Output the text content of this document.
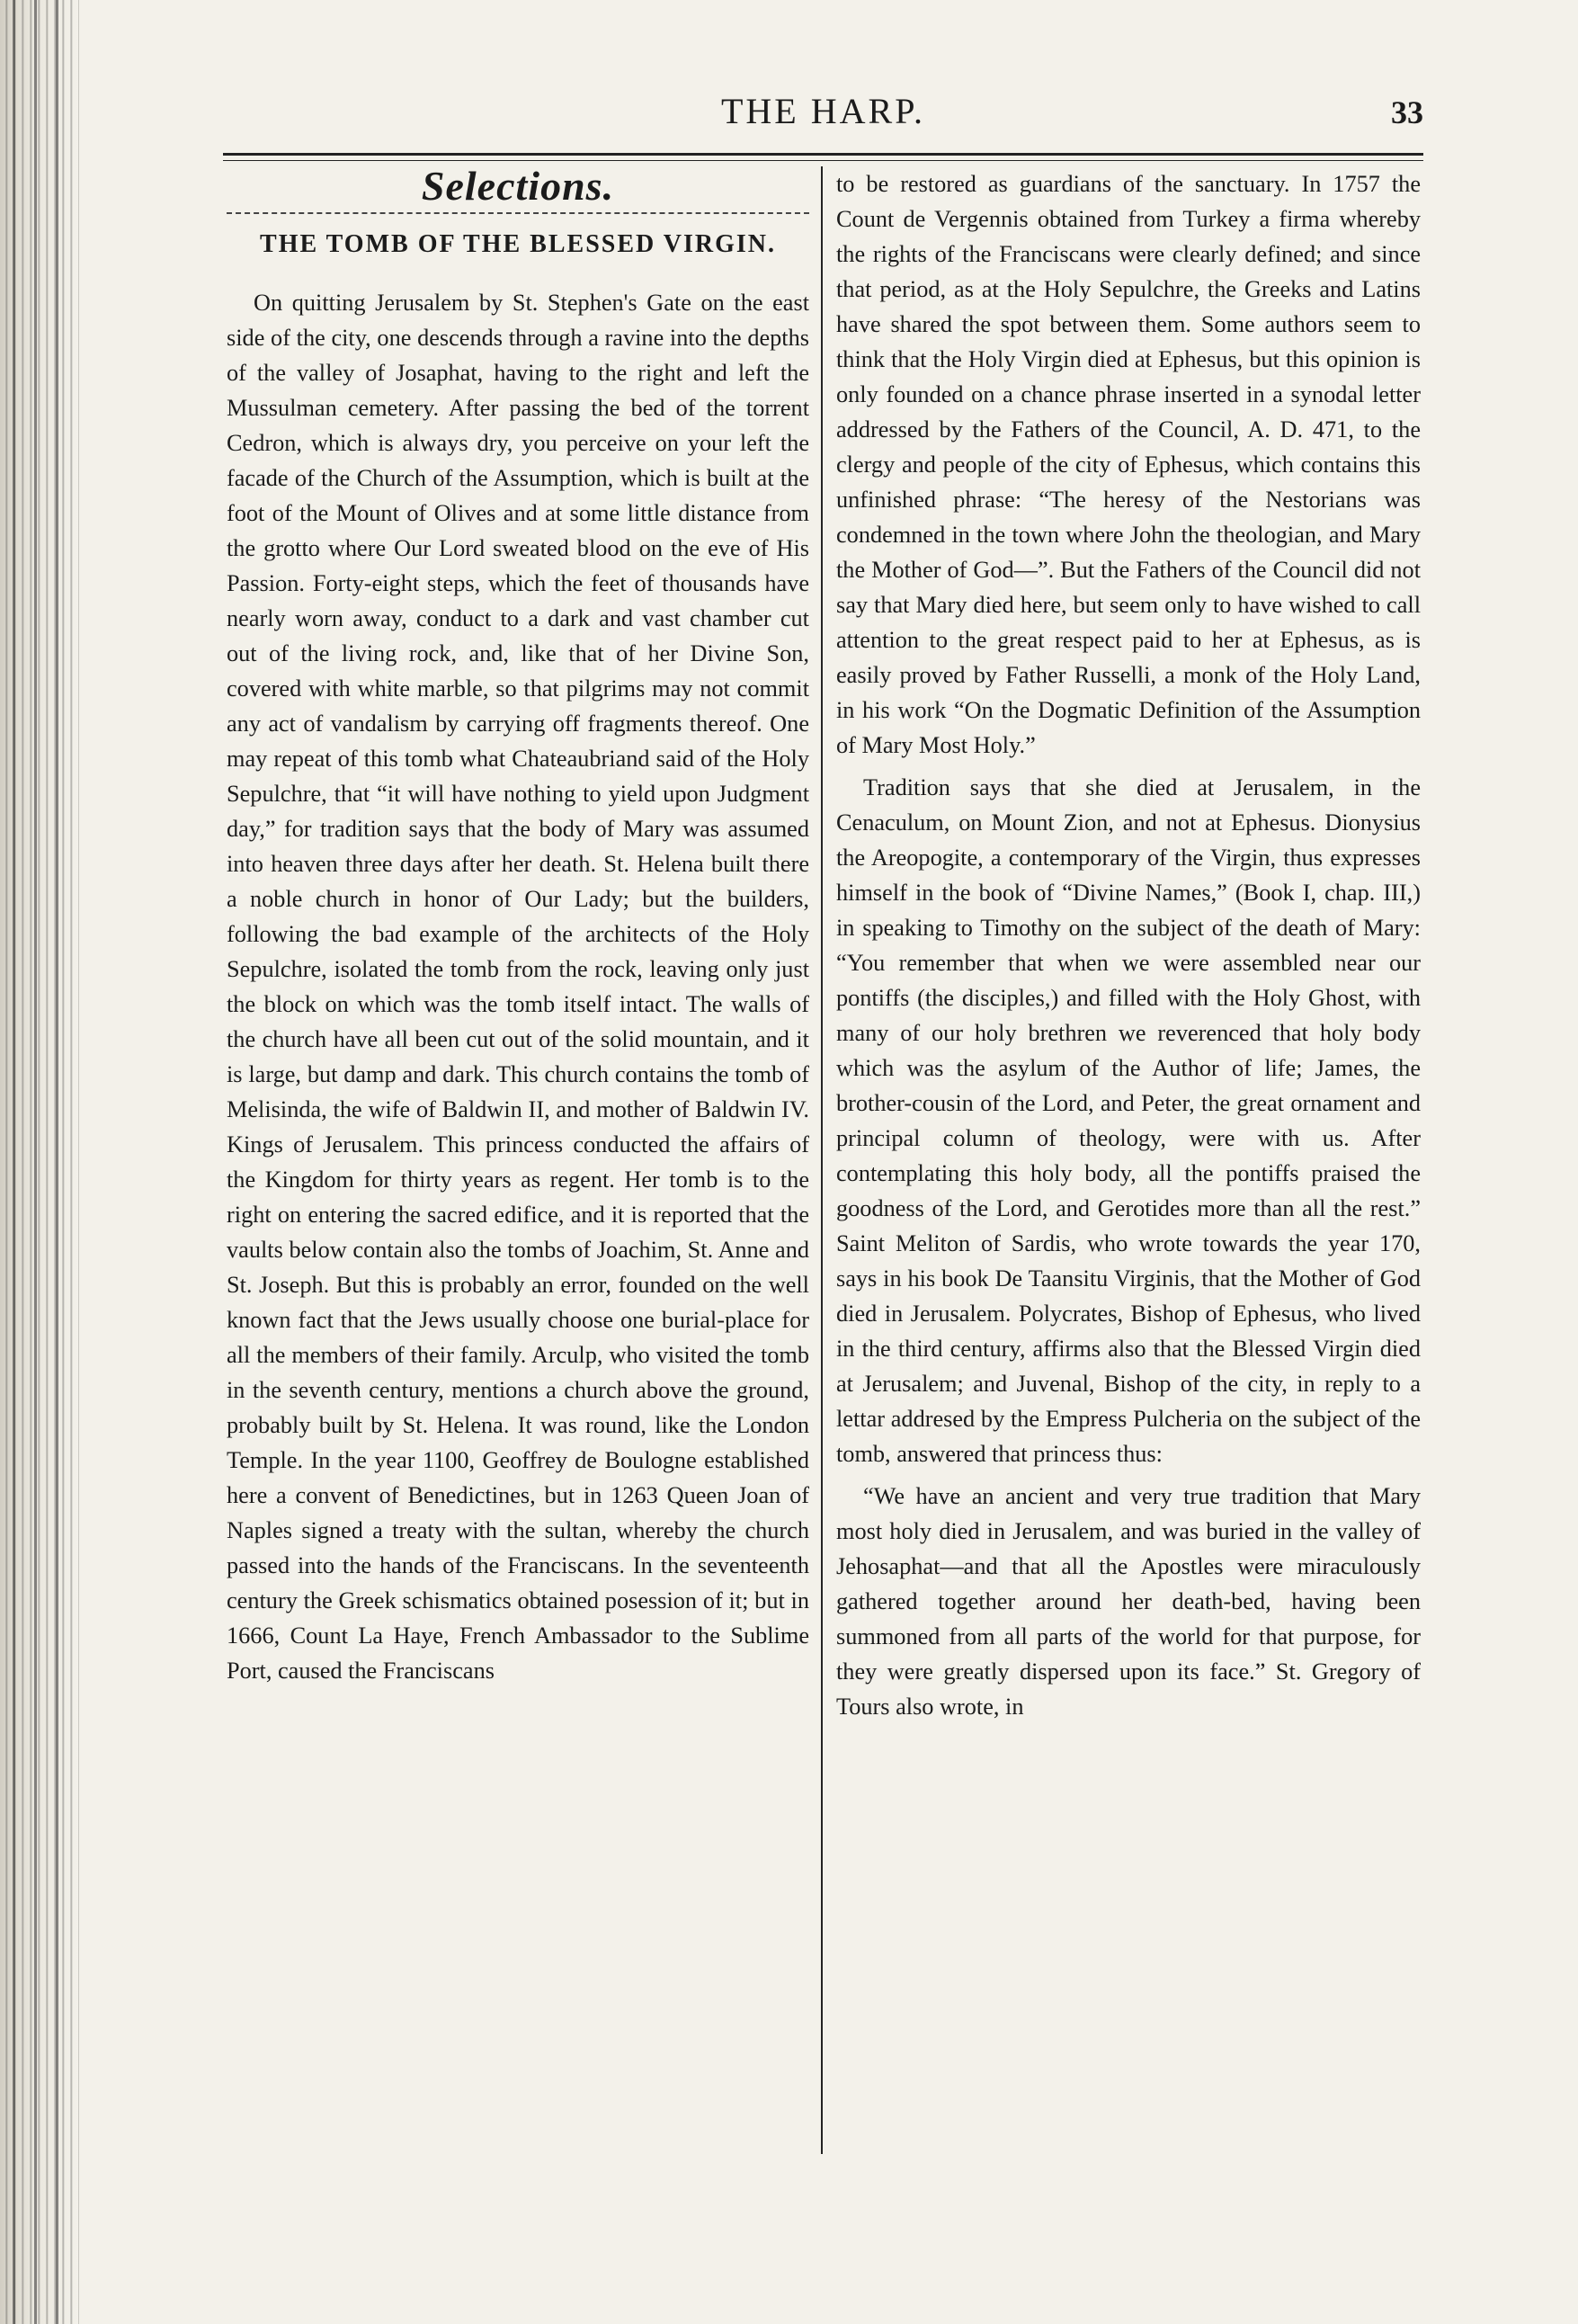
THE HARP.	33
Selections.
THE TOMB OF THE BLESSED VIRGIN.

On quitting Jerusalem by St. Stephen's Gate on the east side of the city, one descends through a ravine into the depths of the valley of Josaphat, having to the right and left the Mussulman cemetery. After passing the bed of the torrent Cedron, which is always dry, you perceive on your left the facade of the Church of the Assumption, which is built at the foot of the Mount of Olives and at some little distance from the grotto where Our Lord sweated blood on the eve of His Passion. Forty-eight steps, which the feet of thousands have nearly worn away, conduct to a dark and vast chamber cut out of the living rock, and, like that of her Divine Son, covered with white marble, so that pilgrims may not commit any act of vandalism by carrying off fragments thereof. One may repeat of this tomb what Chateaubriand said of the Holy Sepulchre, that “it will have nothing to yield upon Judgment day,” for tradition says that the body of Mary was assumed into heaven three days after her death. St. Helena built there a noble church in honor of Our Lady; but the builders, following the bad example of the architects of the Holy Sepulchre, isolated the tomb from the rock, leaving only just the block on which was the tomb itself intact. The walls of the church have all been cut out of the solid mountain, and it is large, but damp and dark. This church contains the tomb of Melisinda, the wife of Baldwin II, and mother of Baldwin IV. Kings of Jerusalem. This princess conducted the affairs of the Kingdom for thirty years as regent. Her tomb is to the right on entering the sacred edifice, and it is reported that the vaults below contain also the tombs of Joachim, St. Anne and St. Joseph. But this is probably an error, founded on the well known fact that the Jews usually choose one burial-place for all the members of their family. Arculp, who visited the tomb in the seventh century, mentions a church above the ground, probably built by St. Helena. It was round, like the London Temple. In the year 1100, Geoffrey de Boulogne established here a convent of Benedictines, but in 1263 Queen Joan of Naples signed a treaty with the sultan, whereby the church passed into the hands of the Franciscans. In the seventeenth century the Greek schismatics obtained posession of it; but in 1666, Count La Haye, French Ambassador to the Sublime Port, caused the Franciscans

to be restored as guardians of the sanctuary. In 1757 the Count de Vergennis obtained from Turkey a firma whereby the rights of the Franciscans were clearly defined; and since that period, as at the Holy Sepulchre, the Greeks and Latins have shared the spot between them. Some authors seem to think that the Holy Virgin died at Ephesus, but this opinion is only founded on a chance phrase inserted in a synodal letter addressed by the Fathers of the Council, A. D. 471, to the clergy and people of the city of Ephesus, which contains this unfinished phrase: “The heresy of the Nestorians was condemned in the town where John the theologian, and Mary the Mother of God—”. But the Fathers of the Council did not say that Mary died here, but seem only to have wished to call attention to the great respect paid to her at Ephesus, as is easily proved by Father Russelli, a monk of the Holy Land, in his work “On the Dogmatic Definition of the Assumption of Mary Most Holy.”

Tradition says that she died at Jerusalem, in the Cenaculum, on Mount Zion, and not at Ephesus. Dionysius the Areopogite, a contemporary of the Virgin, thus expresses himself in the book of “Divine Names,” (Book I, chap. III,) in speaking to Timothy on the subject of the death of Mary: “You remember that when we were assembled near our pontiffs (the disciples,) and filled with the Holy Ghost, with many of our holy brethren we reverenced that holy body which was the asylum of the Author of life; James, the brother-cousin of the Lord, and Peter, the great ornament and principal column of theology, were with us. After contemplating this holy body, all the pontiffs praised the goodness of the Lord, and Gerotides more than all the rest.” Saint Meliton of Sardis, who wrote towards the year 170, says in his book De Taansitu Virginis, that the Mother of God died in Jerusalem. Polycrates, Bishop of Ephesus, who lived in the third century, affirms also that the Blessed Virgin died at Jerusalem; and Juvenal, Bishop of the city, in reply to a lettar addresed by the Empress Pulcheria on the subject of the tomb, answered that princess thus:

“We have an ancient and very true tradition that Mary most holy died in Jerusalem, and was buried in the valley of Jehosaphat—and that all the Apostles were miraculously gathered together around her death-bed, having been summoned from all parts of the world for that purpose, for they were greatly dispersed upon its face.” St. Gregory of Tours also wrote, in
